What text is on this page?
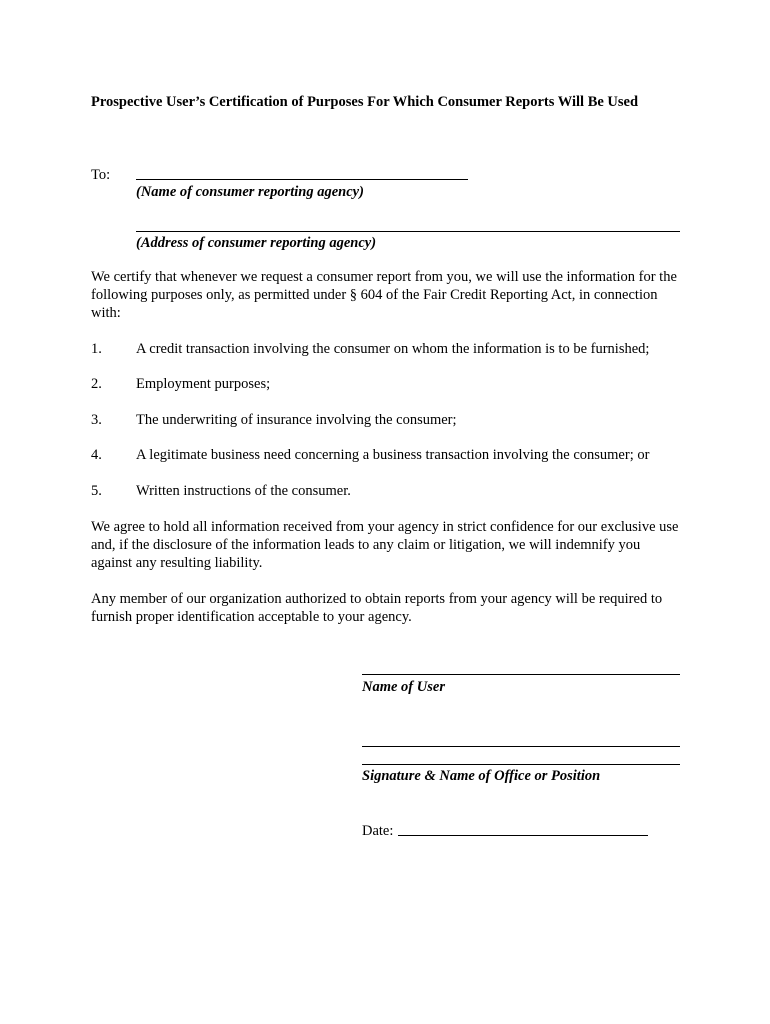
Prospective User’s Certification of Purposes For Which Consumer Reports Will Be Used
To:
(Name of consumer reporting agency)
(Address of consumer reporting agency)
We certify that whenever we request a consumer report from you, we will use the information for the following purposes only, as permitted under § 604 of the Fair Credit Reporting Act, in connection with:
1. A credit transaction involving the consumer on whom the information is to be furnished;
2. Employment purposes;
3. The underwriting of insurance involving the consumer;
4. A legitimate business need concerning a business transaction involving the consumer; or
5. Written instructions of the consumer.
We agree to hold all information received from your agency in strict confidence for our exclusive use and, if the disclosure of the information leads to any claim or litigation, we will indemnify you against any resulting liability.
Any member of our organization authorized to obtain reports from your agency will be required to furnish proper identification acceptable to your agency.
Name of User
Signature & Name of Office or Position
Date:
